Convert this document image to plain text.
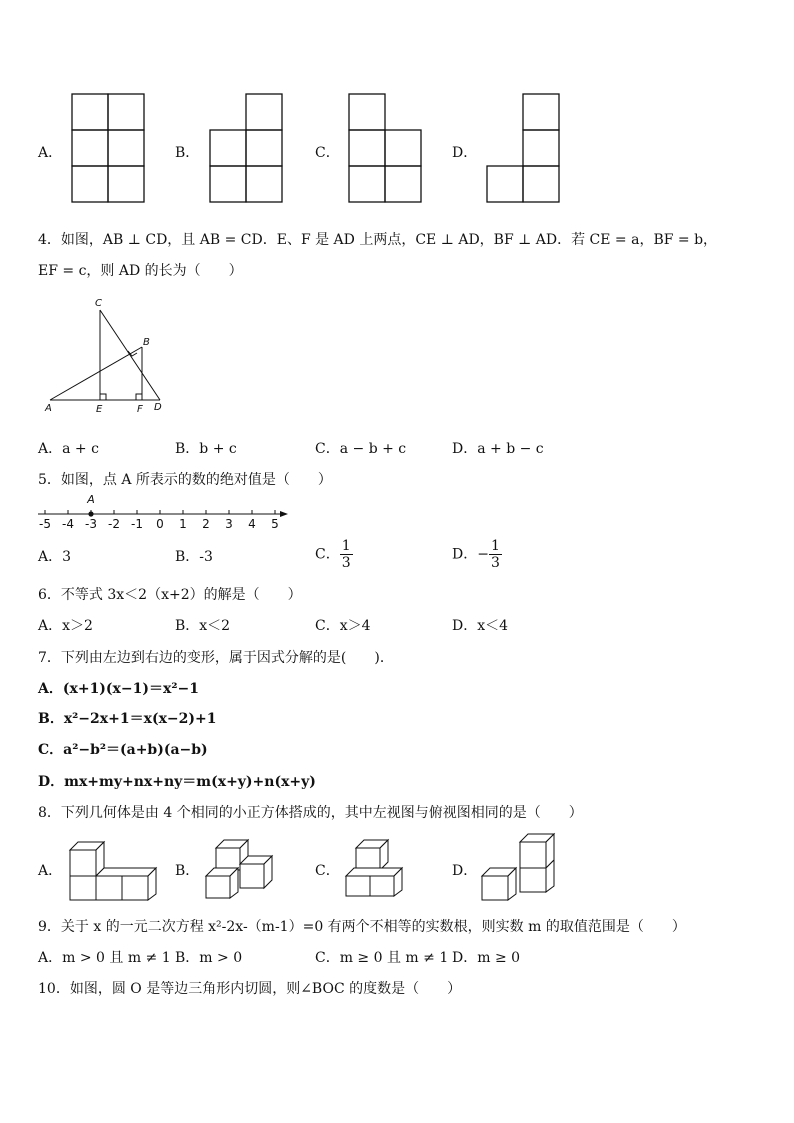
A．	B．	C．	D．
4．如图，AB ⊥ CD，且 AB = CD．E、F 是 AD 上两点，CE ⊥ AD，BF ⊥ AD．若 CE = a，BF = b，
EF = c，则 AD 的长为（　　）
C
B
A	E	F D
A．a + c	B．b + c	C．a − b + c	D．a + b − c
5．如图，点 A 所表示的数的绝对值是（　　）
-5 -4 -3 -2 -1 0 1 2 3 4 5
A
A．3	B．-3	C． $\frac{1}{3}$	D．− $\frac{1}{3}$
6．不等式 3x＜2（x+2）的解是（　　）
A．x＞2	B．x＜2	C．x＞4	D．x＜4
7．下列由左边到右边的变形，属于因式分解的是(　　)．
A．(x+1)(x−1)＝x²−1
B．x²−2x+1＝x(x−2)+1
C．a²−b²＝(a+b)(a−b)
D．mx+my+nx+ny＝m(x+y)+n(x+y)
8．下列几何体是由 4 个相同的小正方体搭成的，其中左视图与俯视图相同的是（　　）
A．	B．	C．	D．
9．关于 x 的一元二次方程 x²-2x-（m-1）=0 有两个不相等的实数根，则实数 m 的取值范围是（　　）
A．m > 0 且 m ≠ 1 B．m > 0	C．m ≥ 0 且 m ≠ 1 D．m ≥ 0
10．如图，圆 O 是等边三角形内切圆，则∠BOC 的度数是（　　）
